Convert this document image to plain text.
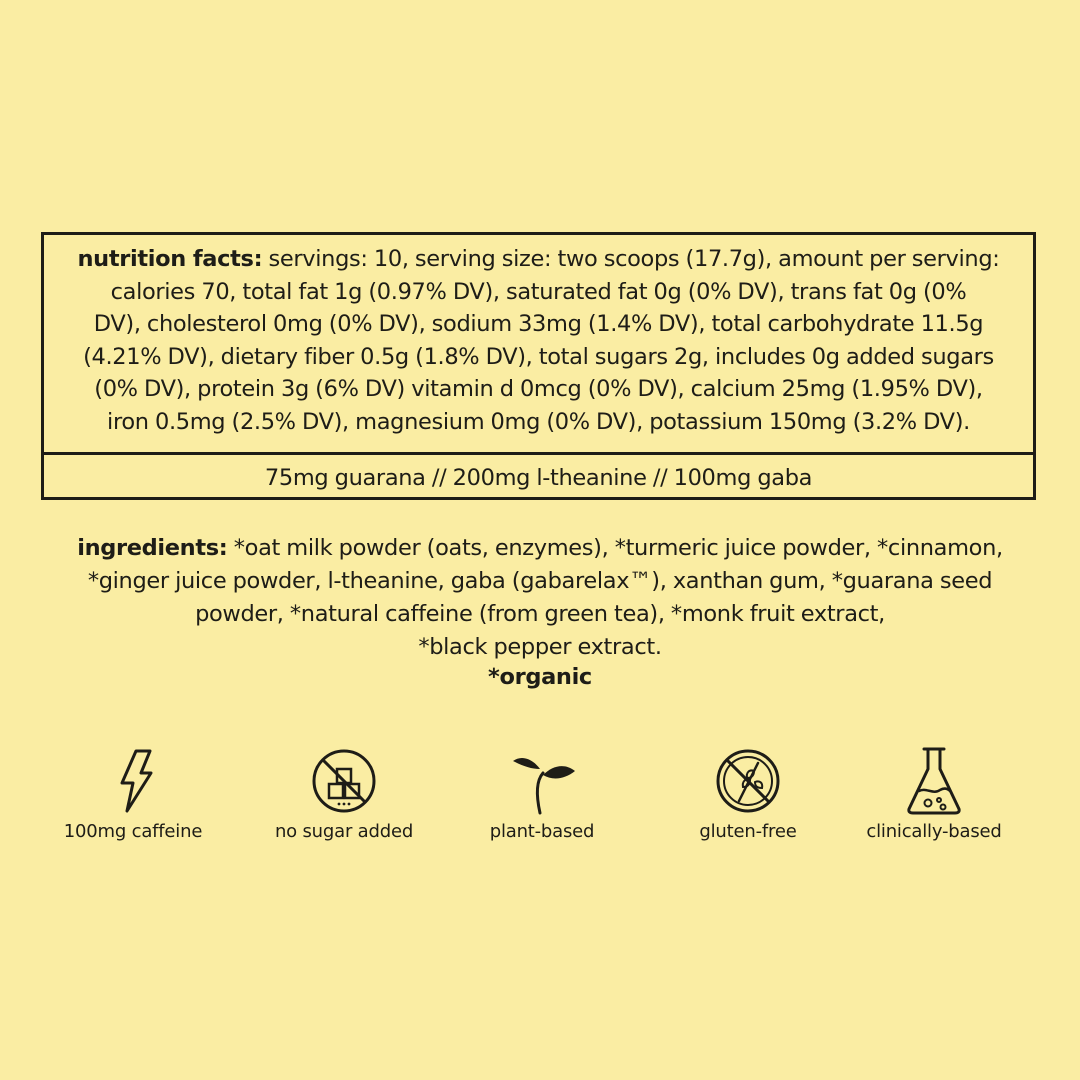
nutrition facts: servings: 10, serving size: two scoops (17.7g), amount per serving:
calories 70, total fat 1g (0.97% DV), saturated fat 0g (0% DV), trans fat 0g (0%
DV), cholesterol 0mg (0% DV), sodium 33mg (1.4% DV), total carbohydrate 11.5g
(4.21% DV), dietary fiber 0.5g (1.8% DV), total sugars 2g, includes 0g added sugars
(0% DV), protein 3g (6% DV) vitamin d 0mcg (0% DV), calcium 25mg (1.95% DV),
iron 0.5mg (2.5% DV), magnesium 0mg (0% DV), potassium 150mg (3.2% DV).
75mg guarana // 200mg l-theanine // 100mg gaba
ingredients: *oat milk powder (oats, enzymes), *turmeric juice powder, *cinnamon,
*ginger juice powder, l-theanine, gaba (gabarelax™), xanthan gum, *guarana seed
powder, *natural caffeine (from green tea), *monk fruit extract,
*black pepper extract.
*organic
100mg caffeine	no sugar added	plant-based	gluten-free	clinically-based
